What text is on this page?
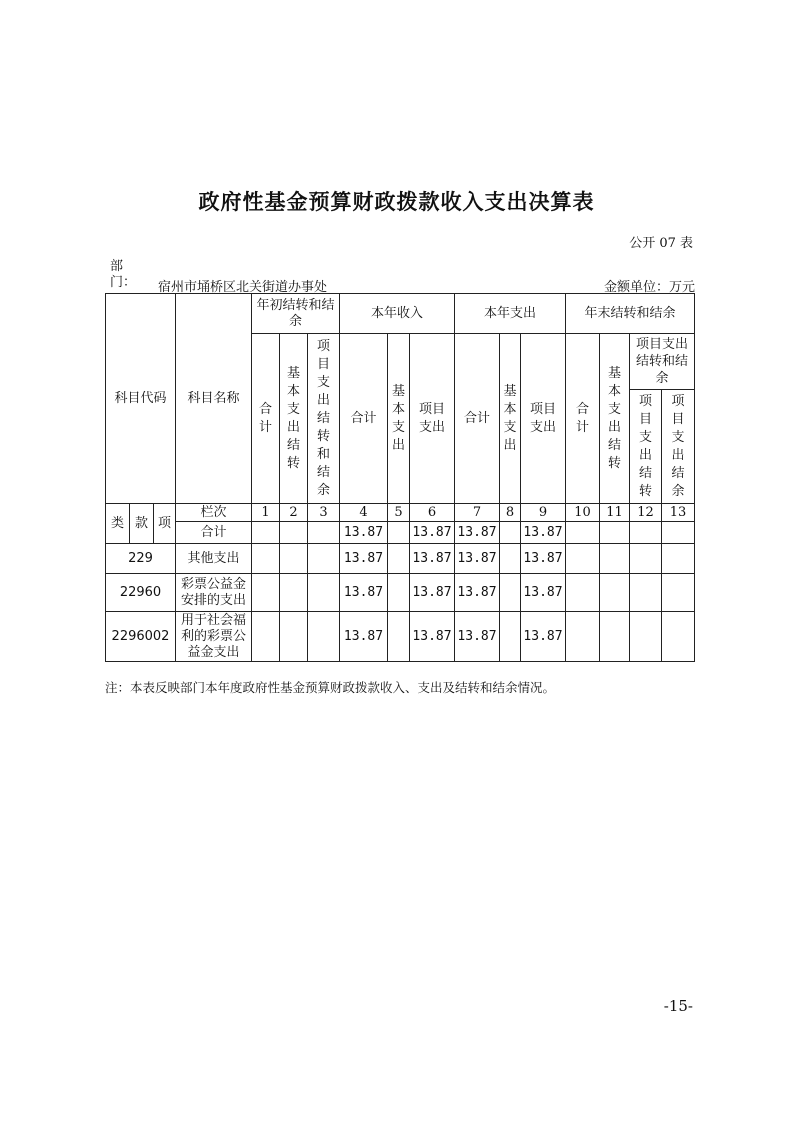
政府性基金预算财政拨款收入支出决算表
公开 07 表
部门： 宿州市埇桥区北关街道办事处	金额单位：万元
科目代码			科目名称	年初结转和结余			本年收入			本年支出			年末结转和结余			
				合计	基本支出结转	项目支出结转和结余	合计	基本支出	项目支出	合计	基本支出	项目支出	合计	基本支出结转	项目支出结转和结余	
															项目支出结转	项目支出结余
类	款	项	栏次	1	2	3	4	5	6	7	8	9	10	11	12	13
			合计				13.87		13.87	13.87		13.87				
229			其他支出				13.87		13.87	13.87		13.87				
22960			彩票公益金安排的支出				13.87		13.87	13.87		13.87				
2296002			用于社会福利的彩票公益金支出				13.87		13.87	13.87		13.87				
注：本表反映部门本年度政府性基金预算财政拨款收入、支出及结转和结余情况。
-15-
